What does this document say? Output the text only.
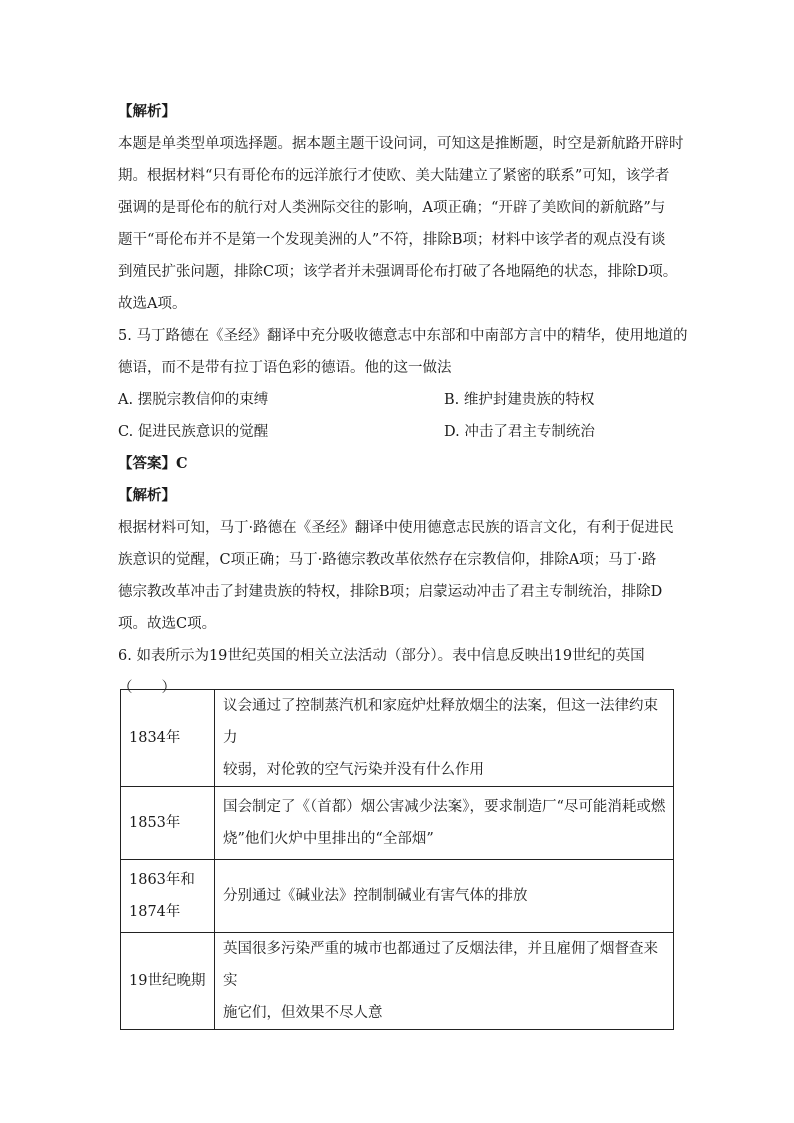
【解析】
本题是单类型单项选择题。据本题主题干设问词，可知这是推断题，时空是新航路开辟时
期。根据材料“只有哥伦布的远洋旅行才使欧、美大陆建立了紧密的联系”可知，该学者
强调的是哥伦布的航行对人类洲际交往的影响，A项正确；“开辟了美欧间的新航路”与
题干“哥伦布并不是第一个发现美洲的人”不符，排除B项；材料中该学者的观点没有谈
到殖民扩张问题，排除C项；该学者并未强调哥伦布打破了各地隔绝的状态，排除D项。
故选A项。
5. 马丁路德在《圣经》翻译中充分吸收德意志中东部和中南部方言中的精华，使用地道的
德语，而不是带有拉丁语色彩的德语。他的这一做法
A. 摆脱宗教信仰的束缚	B. 维护封建贵族的特权
C. 促进民族意识的觉醒	D. 冲击了君主专制统治
【答案】C
【解析】
根据材料可知，马丁·路德在《圣经》翻译中使用德意志民族的语言文化，有利于促进民
族意识的觉醒，C项正确；马丁·路德宗教改革依然存在宗教信仰，排除A项；马丁·路
德宗教改革冲击了封建贵族的特权，排除B项；启蒙运动冲击了君主专制统治，排除D
项。故选C项。
6. 如表所示为19世纪英国的相关立法活动（部分）。表中信息反映出19世纪的英国
（　　）
1834年	议会通过了控制蒸汽机和家庭炉灶释放烟尘的法案，但这一法律约束力
较弱，对伦敦的空气污染并没有什么作用

1853年	国会制定了《（首都）烟公害减少法案》，要求制造厂“尽可能消耗或燃
烧”他们火炉中里排出的“全部烟”

1863年和
1874年	分别通过《碱业法》控制制碱业有害气体的排放

19世纪晚期	英国很多污染严重的城市也都通过了反烟法律，并且雇佣了烟督查来实
施它们，但效果不尽人意
